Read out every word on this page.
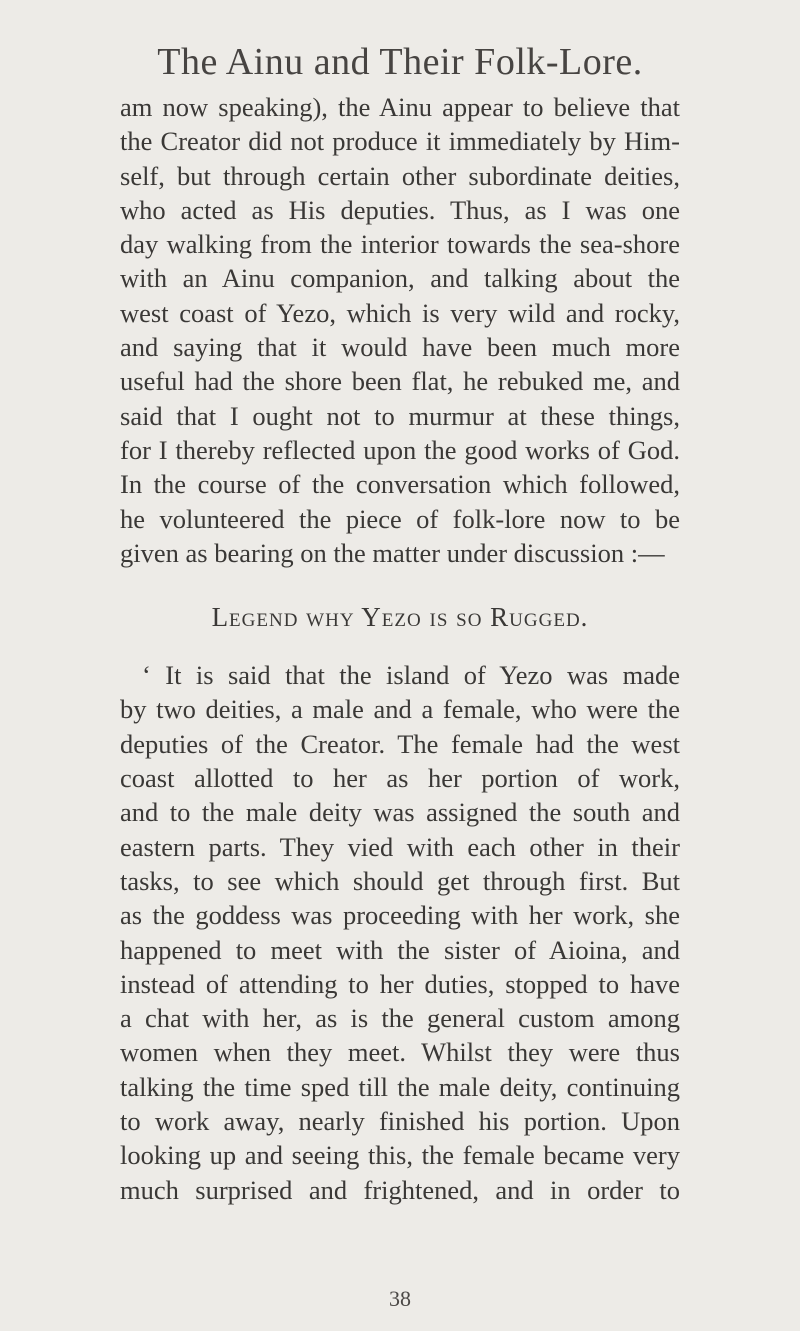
The Ainu and Their Folk-Lore.
am now speaking), the Ainu appear to believe that
the Creator did not produce it immediately by Him-
self, but through certain other subordinate deities,
who acted as His deputies. Thus, as I was one
day walking from the interior towards the sea-shore
with an Ainu companion, and talking about the
west coast of Yezo, which is very wild and rocky,
and saying that it would have been much more
useful had the shore been flat, he rebuked me, and
said that I ought not to murmur at these things,
for I thereby reflected upon the good works of God.
In the course of the conversation which followed,
he volunteered the piece of folk-lore now to be
given as bearing on the matter under discussion :—
Legend why Yezo is so Rugged.
‘ It is said that the island of Yezo was made
by two deities, a male and a female, who were the
deputies of the Creator. The female had the west
coast allotted to her as her portion of work,
and to the male deity was assigned the south and
eastern parts. They vied with each other in their
tasks, to see which should get through first. But
as the goddess was proceeding with her work, she
happened to meet with the sister of Aioina, and
instead of attending to her duties, stopped to have
a chat with her, as is the general custom among
women when they meet. Whilst they were thus
talking the time sped till the male deity, continuing
to work away, nearly finished his portion. Upon
looking up and seeing this, the female became very
much surprised and frightened, and in order to
38
